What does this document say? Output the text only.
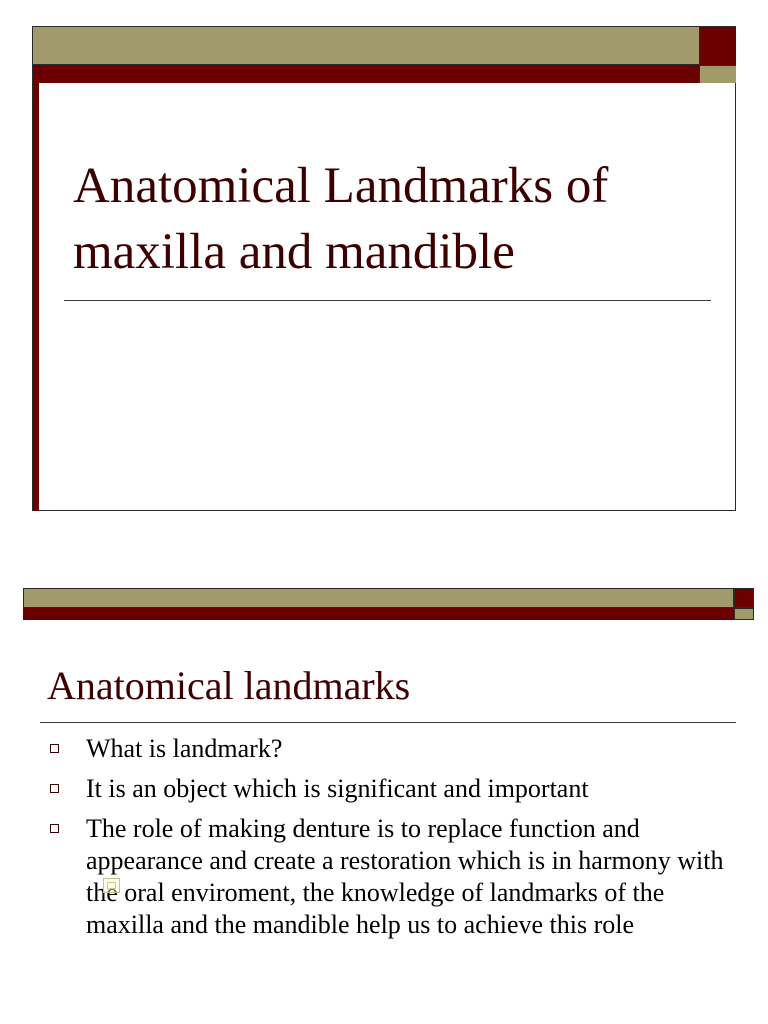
Anatomical Landmarks of
maxilla and mandible
Anatomical landmarks
What is landmark?
It is an object which is significant and important
The role of making denture is to replace function and appearance and create a restoration which is in harmony with the oral enviroment, the knowledge of landmarks of the maxilla and the mandible help us to achieve this role
